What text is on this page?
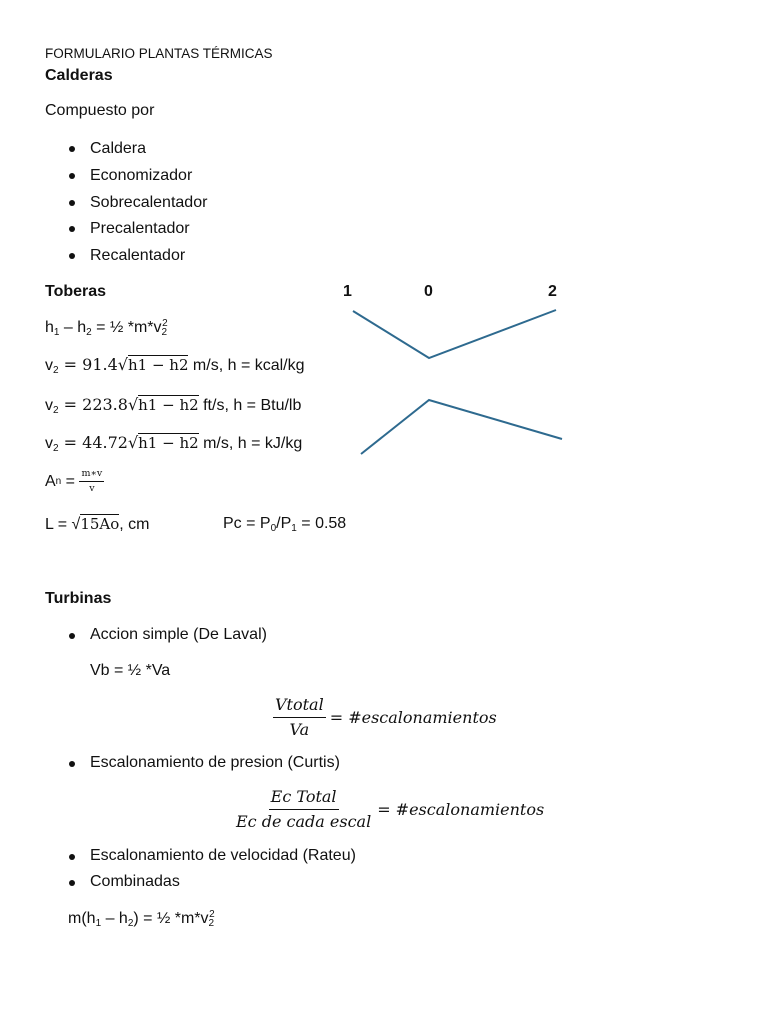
FORMULARIO PLANTAS TÉRMICAS
Calderas
Compuesto por
Caldera
Economizador
Sobrecalentador
Precalentador
Recalentador
Toberas
$h_1 - h_2$ = ½ $*m*v_2^2$
$v_2 = 91.4√h1 - h2$ m/s, h = kcal/kg
$v_2 = 223.8√h1 - h2$ ft/s, h = Btu/lb
$v_2 = 44.72√h1 - h2$ m/s, h = kJ/kg
A $n = \frac{m∗v}{v}$
L = √15Ao, cm	$Pc = P_0/P_1 = 0.58$
1	0	2
Turbinas
Accion simple (De Laval)
Vb = ½ *Va
$\frac{\text{Vtotal}}{Va}$ = #escalonamientos
Escalonamiento de presion (Curtis)
$\frac{\text{Ec Total}}{\text{Ec de cada escal}}$ = #escalonamientos
Escalonamiento de velocidad (Rateu)
Combinadas
$m(h_1 - h_2)$ = ½ $*m*v_2^2$
